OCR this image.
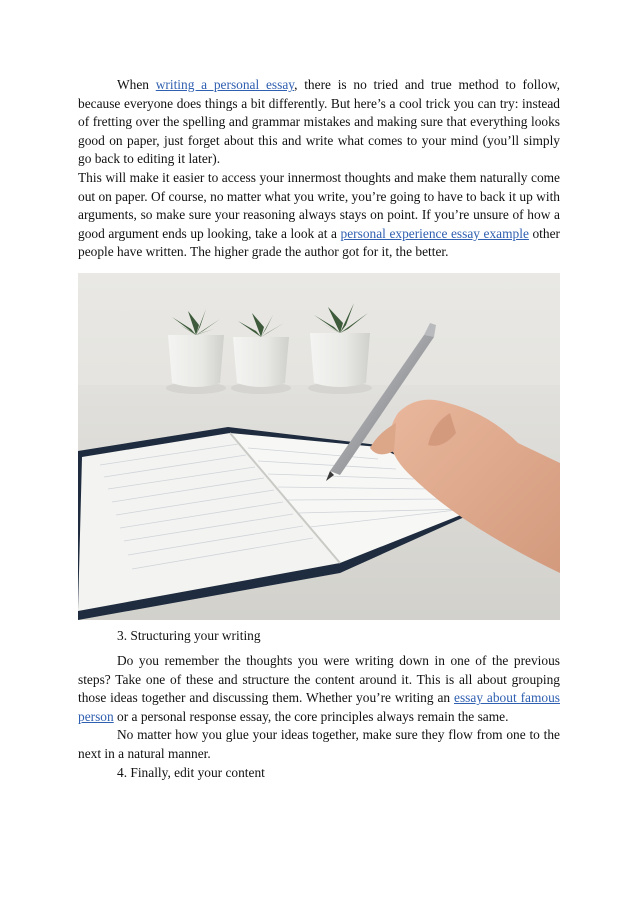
When writing a personal essay, there is no tried and true method to follow, because everyone does things a bit differently. But here’s a cool trick you can try: instead of fretting over the spelling and grammar mistakes and making sure that everything looks good on paper, just forget about this and write what comes to your mind (you’ll simply go back to editing it later).

This will make it easier to access your innermost thoughts and make them naturally come out on paper. Of course, no matter what you write, you’re going to have to back it up with arguments, so make sure your reasoning always stays on point. If you’re unsure of how a good argument ends up looking, take a look at a personal experience essay example other people have written. The higher grade the author got for it, the better.

3. Structuring your writing

Do you remember the thoughts you were writing down in one of the previous steps? Take one of these and structure the content around it. This is all about grouping those ideas together and discussing them. Whether you’re writing an essay about famous person or a personal response essay, the core principles always remain the same.

No matter how you glue your ideas together, make sure they flow from one to the next in a natural manner.

4. Finally, edit your content
